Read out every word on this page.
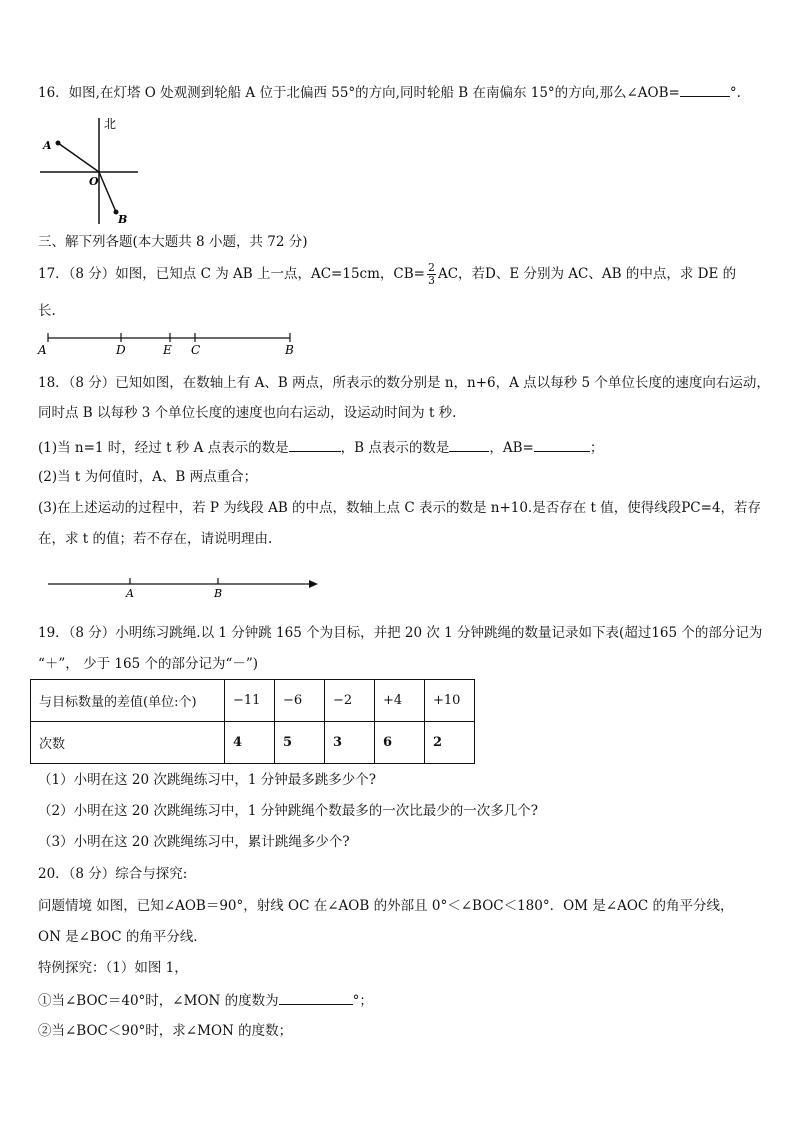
16．如图,在灯塔 O 处观测到轮船 A 位于北偏西 55°的方向,同时轮船 B 在南偏东 15°的方向,那么∠AOB=	°.
北
A
O
B
三、解下列各题(本大题共 8 小题，共 72 分)
17．（8 分）如图，已知点 C 为 AB 上一点，AC=15cm，$CB= \frac{2}{3}$ AC，若D、E 分别为 AC、AB 的中点，求 DE 的
长.
A	D	E C	B
18．（8 分）已知如图，在数轴上有 A、B 两点，所表示的数分别是 n，n+6，A 点以每秒 5 个单位长度的速度向右运动，
同时点 B 以每秒 3 个单位长度的速度也向右运动，设运动时间为 t 秒.
(1)当 n=1 时，经过 t 秒 A 点表示的数是	，B 点表示的数是	，AB=	；
(2)当 t 为何值时，A、B 两点重合；
(3)在上述运动的过程中，若 P 为线段 AB 的中点，数轴上点 C 表示的数是 n+10.是否存在 t 值，使得线段PC=4，若存
在，求 t 的值；若不存在，请说明理由.
A	B
19．（8 分）小明练习跳绳.以 1 分钟跳 165 个为目标，并把 20 次 1 分钟跳绳的数量记录如下表(超过165 个的部分记为
“＋”， 少于 165 个的部分记为“－”)
与目标数量的差值(单位:个)	−11	−6	−2	+4	+10
次数	4	5	3	6	2
（1）小明在这 20 次跳绳练习中，1 分钟最多跳多少个?
（2）小明在这 20 次跳绳练习中，1 分钟跳绳个数最多的一次比最少的一次多几个?
（3）小明在这 20 次跳绳练习中，累计跳绳多少个?
20．（8 分）综合与探究:
问题情境 如图，已知∠AOB＝90°，射线 OC 在∠AOB 的外部且 0°＜∠BOC＜180°．OM 是∠AOC 的角平分线，
ON 是∠BOC 的角平分线．
特例探究：（1）如图 1，
①当∠BOC＝40°时，∠MON 的度数为	°；
②当∠BOC＜90°时，求∠MON 的度数；
